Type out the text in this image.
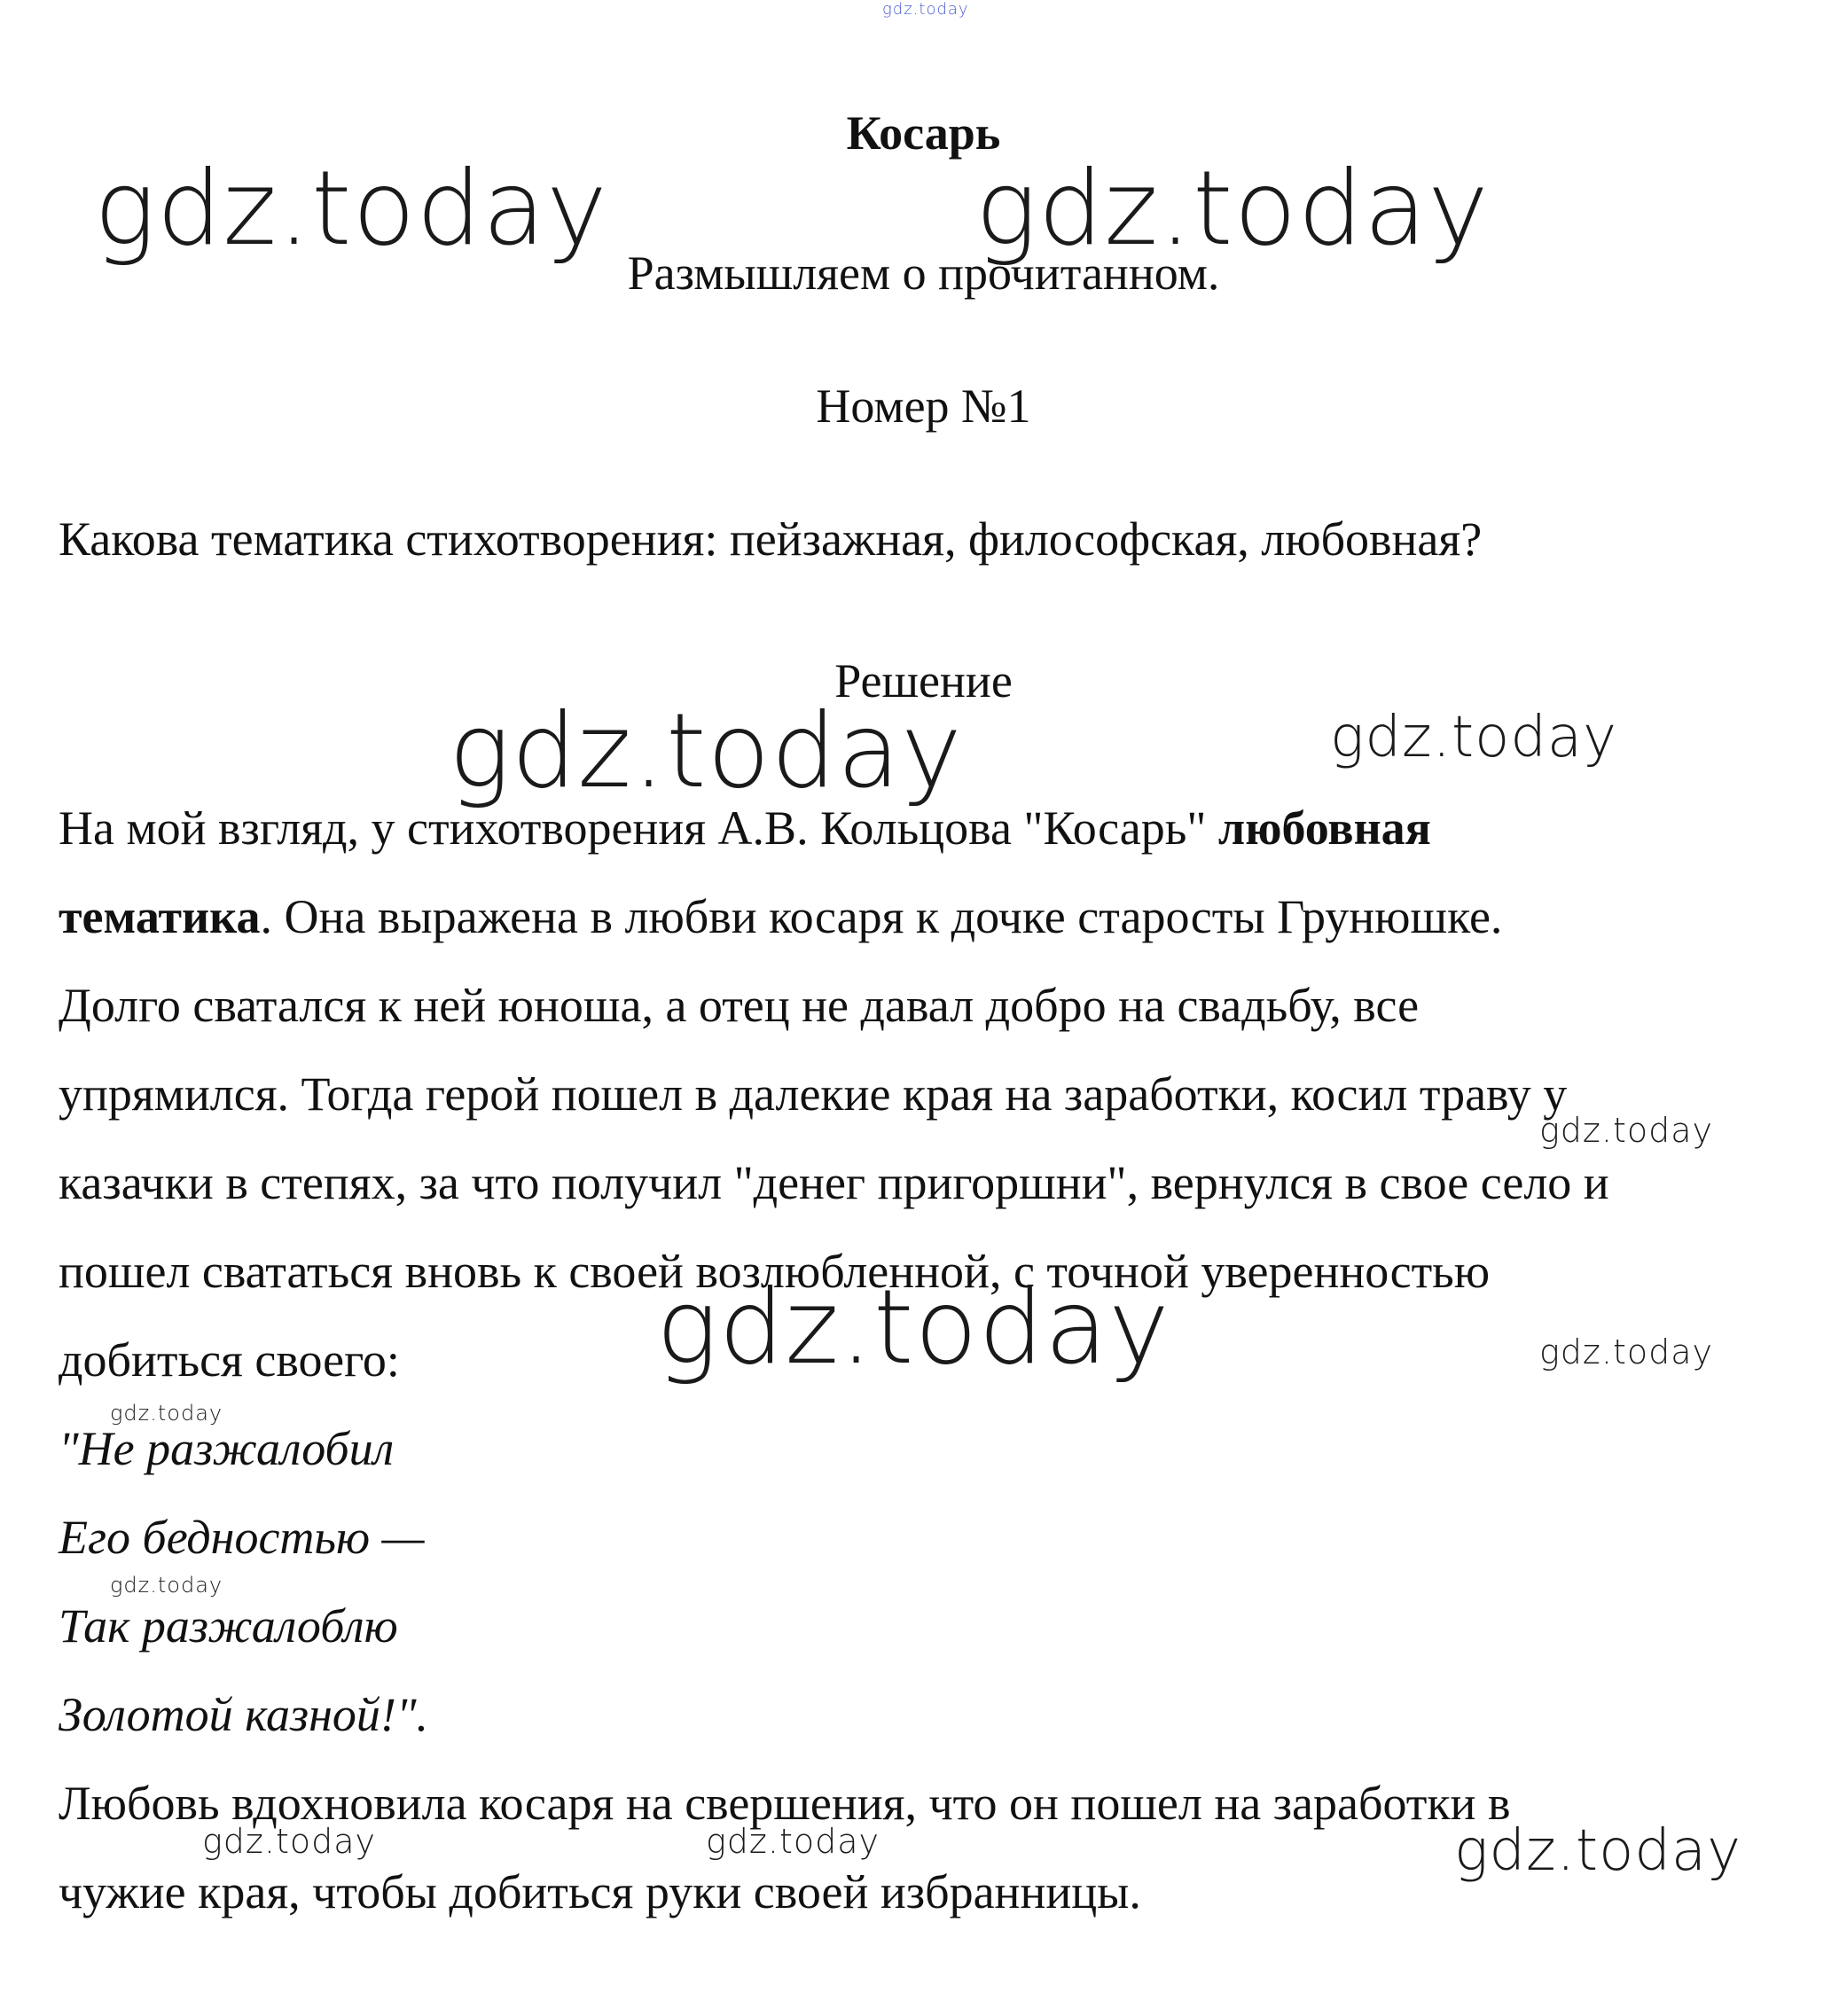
gdz.today
Косарь
gdz.today	gdz.today
Размышляем о прочитанном.
Номер №1
Какова тематика стихотворения: пейзажная, философская, любовная?
Решение
gdz.today	gdz.today
На мой взгляд, у стихотворения А.В. Кольцова "Косарь" любовная
тематика. Она выражена в любви косаря к дочке старосты Грунюшке.
Долго сватался к ней юноша, а отец не давал добро на свадьбу, все
упрямился. Тогда герой пошел в далекие края на заработки, косил траву у
казачки в степях, за что получил "денег пригоршни", вернулся в свое село и
пошел свататься вновь к своей возлюбленной, с точной уверенностью
добиться своего:
"Не разжалобил
Его бедностью —
Так разжалоблю
Золотой казной!".
Любовь вдохновила косаря на свершения, что он пошел на заработки в
чужие края, чтобы добиться руки своей избранницы.
gdz.today
gdz.today	gdz.today
gdz.today
gdz.today
gdz.today	gdz.today	gdz.today
